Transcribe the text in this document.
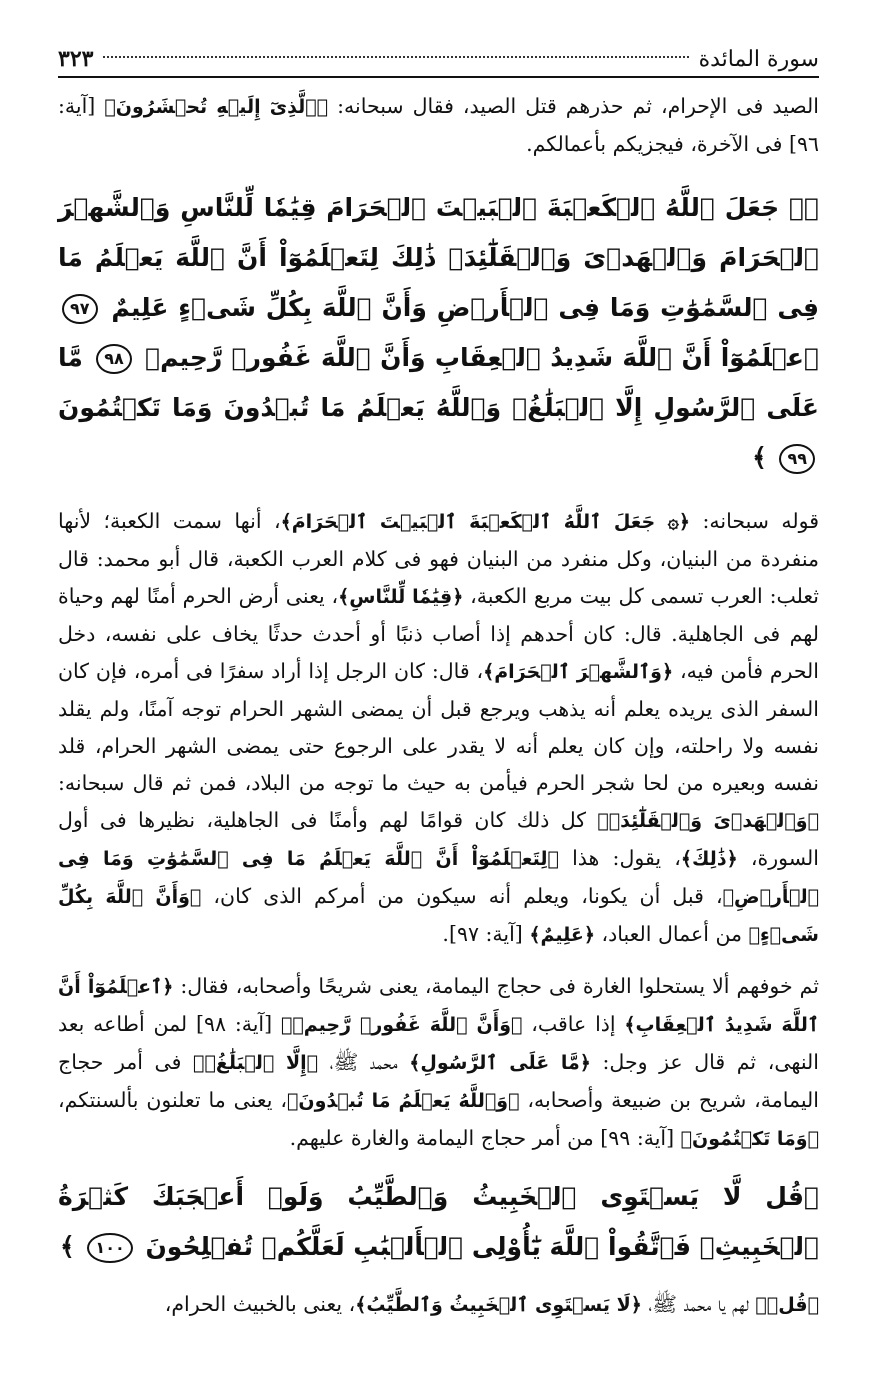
سورة المائدة
٣٢٣

الصيد فى الإحرام، ثم حذرهم قتل الصيد، فقال سبحانه: ﴿ٱلَّذِىٓ إِلَيۡهِ تُحۡشَرُونَ﴾ [آية: ٩٦] فى الآخرة، فيجزيكم بأعمالكم.

﴿۞ جَعَلَ ٱللَّهُ ٱلۡكَعۡبَةَ ٱلۡبَيۡتَ ٱلۡحَرَامَ قِيَٰمٗا لِّلنَّاسِ وَٱلشَّهۡرَ ٱلۡحَرَامَ وَٱلۡهَدۡىَ وَٱلۡقَلَٰٓئِدَۚ ذَٰلِكَ لِتَعۡلَمُوٓاْ أَنَّ ٱللَّهَ يَعۡلَمُ مَا فِى ٱلسَّمَٰوَٰتِ وَمَا فِى ٱلۡأَرۡضِ وَأَنَّ ٱللَّهَ بِكُلِّ شَىۡءٍ عَلِيمٌ ٩٧ ٱعۡلَمُوٓاْ أَنَّ ٱللَّهَ شَدِيدُ ٱلۡعِقَابِ وَأَنَّ ٱللَّهَ غَفُورٞ رَّحِيمٞ ٩٨ مَّا عَلَى ٱلرَّسُولِ إِلَّا ٱلۡبَلَٰغُۗ وَٱللَّهُ يَعۡلَمُ مَا تُبۡدُونَ وَمَا تَكۡتُمُونَ ٩٩ ﴾

قوله سبحانه: ﴿۞ جَعَلَ ٱللَّهُ ٱلۡكَعۡبَةَ ٱلۡبَيۡتَ ٱلۡحَرَامَ﴾، أنها سمت الكعبة؛ لأنها منفردة من البنيان، وكل منفرد من البنيان فهو فى كلام العرب الكعبة، قال أبو محمد: قال ثعلب: العرب تسمى كل بيت مربع الكعبة، ﴿قِيَٰمٗا لِّلنَّاسِ﴾، يعنى أرض الحرم أمنًا لهم وحياة لهم فى الجاهلية. قال: كان أحدهم إذا أصاب ذنبًا أو أحدث حدثًا يخاف على نفسه، دخل الحرم فأمن فيه، ﴿وَٱلشَّهۡرَ ٱلۡحَرَامَ﴾، قال: كان الرجل إذا أراد سفرًا فى أمره، فإن كان السفر الذى يريده يعلم أنه يذهب ويرجع قبل أن يمضى الشهر الحرام توجه آمنًا، ولم يقلد نفسه ولا راحلته، وإن كان يعلم أنه لا يقدر على الرجوع حتى يمضى الشهر الحرام، قلد نفسه وبعيره من لحا شجر الحرم فيأمن به حيث ما توجه من البلاد، فمن ثم قال سبحانه: ﴿وَٱلۡهَدۡىَ وَٱلۡقَلَٰٓئِدَۚ﴾ كل ذلك كان قوامًا لهم وأمنًا فى الجاهلية، نظيرها فى أول السورة، ﴿ذَٰلِكَ﴾، يقول: هذا ﴿لِتَعۡلَمُوٓاْ أَنَّ ٱللَّهَ يَعۡلَمُ مَا فِى ٱلسَّمَٰوَٰتِ وَمَا فِى ٱلۡأَرۡضِ﴾، قبل أن يكونا، ويعلم أنه سيكون من أمركم الذى كان، ﴿وَأَنَّ ٱللَّهَ بِكُلِّ شَىۡءٍ﴾ من أعمال العباد، ﴿عَلِيمٌ﴾ [آية: ٩٧].

ثم خوفهم ألا يستحلوا الغارة فى حجاج اليمامة، يعنى شريحًا وأصحابه، فقال: ﴿ٱعۡلَمُوٓاْ أَنَّ ٱللَّهَ شَدِيدُ ٱلۡعِقَابِ﴾ إذا عاقب، ﴿وَأَنَّ ٱللَّهَ غَفُورٞ رَّحِيمٞ﴾ [آية: ٩٨] لمن أطاعه بعد النهى، ثم قال عز وجل: ﴿مَّا عَلَى ٱلرَّسُولِ﴾ محمد ﷺ، ﴿إِلَّا ٱلۡبَلَٰغُۗ﴾ فى أمر حجاج اليمامة، شريح بن ضبيعة وأصحابه، ﴿وَٱللَّهُ يَعۡلَمُ مَا تُبۡدُونَ﴾، يعنى ما تعلنون بألسنتكم، ﴿وَمَا تَكۡتُمُونَ﴾ [آية: ٩٩] من أمر حجاج اليمامة والغارة عليهم.

﴿قُل لَّا يَسۡتَوِى ٱلۡخَبِيثُ وَٱلطَّيِّبُ وَلَوۡ أَعۡجَبَكَ كَثۡرَةُ ٱلۡخَبِيثِۚ فَٱتَّقُواْ ٱللَّهَ يَٰٓأُوْلِى ٱلۡأَلۡبَٰبِ لَعَلَّكُمۡ تُفۡلِحُونَ ١٠٠ ﴾

﴿قُلۡ﴾ لهم يا محمد ﷺ، ﴿لَا يَسۡتَوِى ٱلۡخَبِيثُ وَٱلطَّيِّبُ﴾، يعنى بالخبيث الحرام،
